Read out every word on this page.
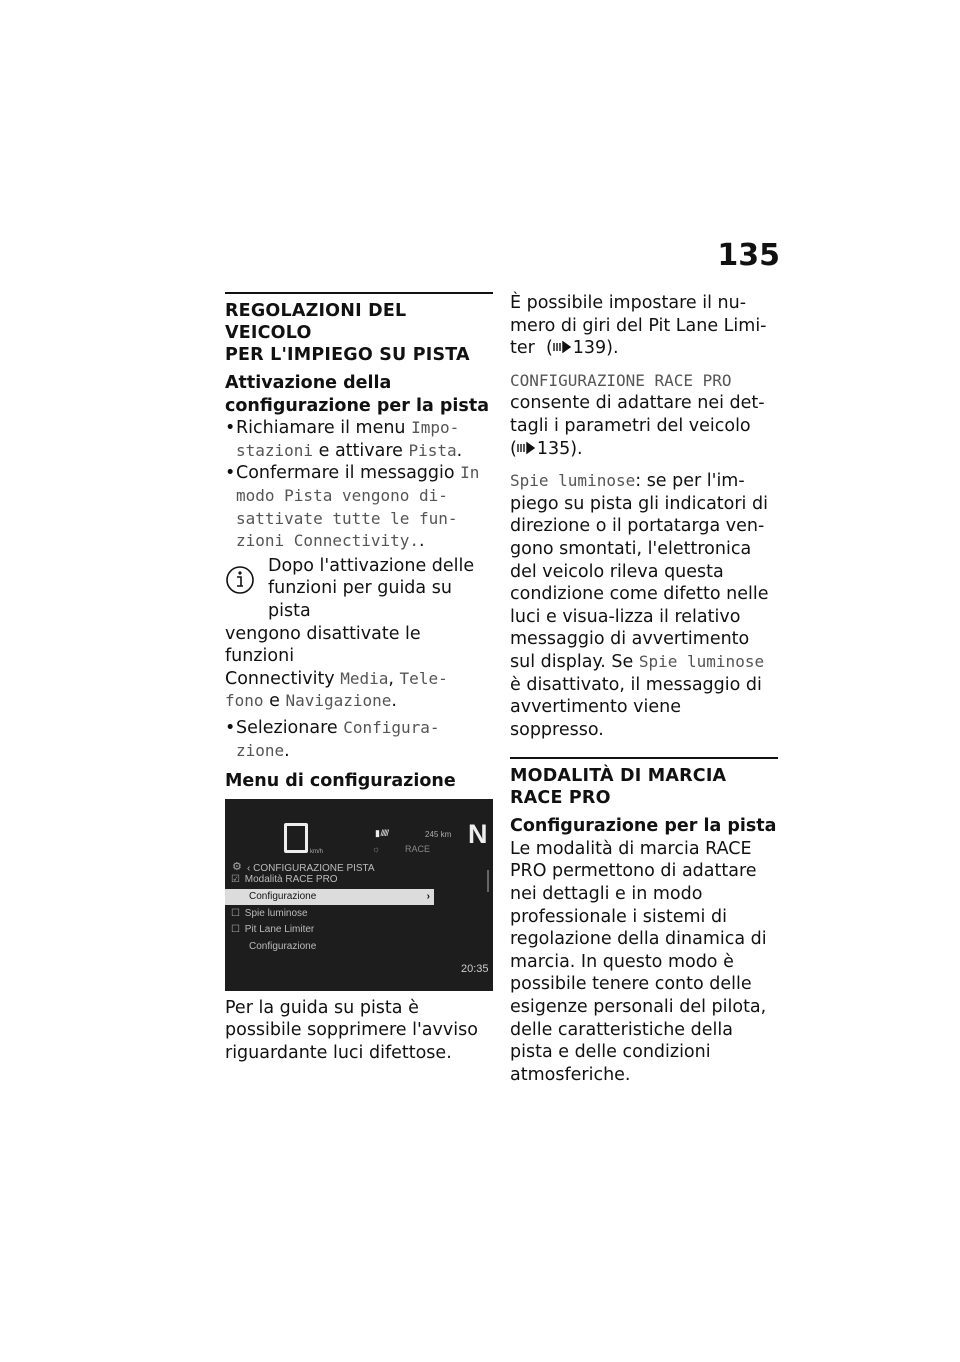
135
REGOLAZIONI DEL VEICOLO
PER L'IMPIEGO SU PISTA
Attivazione della
configurazione per la pista
• Richiamare il menu Impo-
stazioni e attivare Pista.
• Confermare il messaggio In
modo Pista vengono di-
sattivate tutte le fun-
zioni Connectivity..
Dopo l'attivazione delle
funzioni per guida su pista
vengono disattivate le funzioni
Connectivity Media, Tele-
fono e Navigazione.
• Selezionare Configura-
zione.
Menu di configurazione
km/h
▮ /////	245 km
☼	RACE N
⚙ ‹ CONFIGURAZIONE PISTA
☑ Modalità RACE PRO
Configurazione	›
☐ Spie luminose
☐ Pit Lane Limiter
Configurazione
20:35

Per la guida su pista è possibile sopprimere l'avviso riguardante luci difettose.

È possibile impostare il nu-
mero di giri del Pit Lane Limi-
ter  ( 139).

CONFIGURAZIONE RACE PRO
consente di adattare nei det-
tagli i parametri del veicolo
( 135).

Spie luminose: se per l'im-piego su pista gli indicatori di direzione o il portatarga ven-gono smontati, l'elettronica del veicolo rileva questa condizione come difetto nelle luci e visua-lizza il relativo messaggio di avvertimento sul display. Se Spie luminose è disattivato, il messaggio di avvertimento viene soppresso.

MODALITÀ DI MARCIA
RACE PRO
Configurazione per la pista

Le modalità di marcia RACE PRO permettono di adattare nei dettagli e in modo professionale i sistemi di regolazione della dinamica di marcia. In questo modo è possibile tenere conto delle esigenze personali del pilota, delle caratteristiche della pista e delle condizioni atmosferiche.
